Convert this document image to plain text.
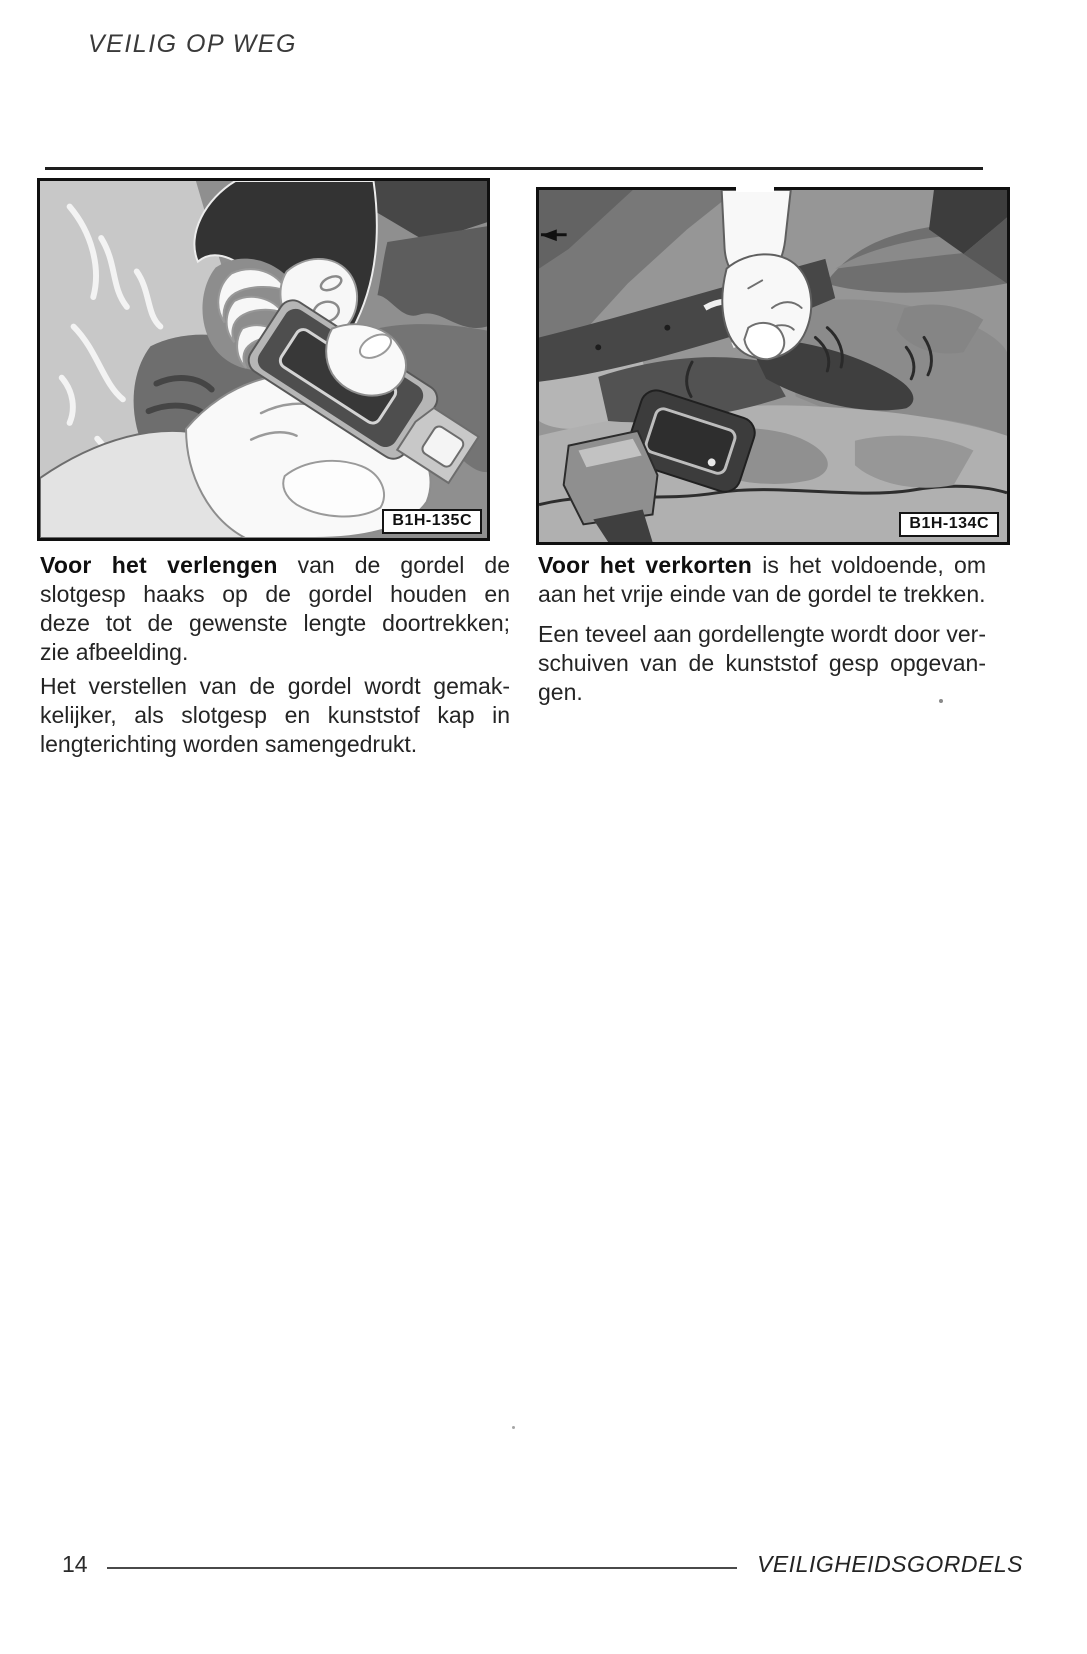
VEILIG OP WEG
B1H-135C	B1H-134C
Voor het verlengen van de gordel de
slotgesp haaks op de gordel houden en
deze tot de gewenste lengte doortrekken;
zie afbeelding.
Het verstellen van de gordel wordt gemak-
kelijker, als slotgesp en kunststof kap in
lengterichting worden samengedrukt.
Voor het verkorten is het voldoende, om
aan het vrije einde van de gordel te trekken.
Een teveel aan gordellengte wordt door ver-
schuiven van de kunststof gesp opgevan-
gen.
14	VEILIGHEIDSGORDELS
